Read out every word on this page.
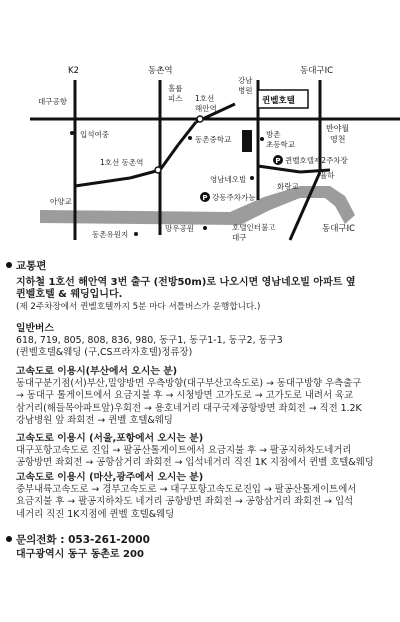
P
P
K2	동촌역	동대구IC
대구공항
홀룹 피스	1호선 해안역
강남 병원
퀸벨호텔
입석여중
동촌중학교
방촌 초등학교
반야월 영천
1호선 동촌역	퀸벨호텔제2주차장
영남네오빌
화랑교
율하
아양교	강동주차가능
동촌유원지
망우공원	호텔인터불고 대구
동대구IC
교통편
지하철 1호선 해안역 3번 출구 (전방50m)로 나오시면 영남네오빌 아파트 옆
퀸벨호텔 & 웨딩입니다.
(제 2주차장에서 퀸벨호텔까지 5분 마다 셔틀버스가 운행합니다.)
일반버스
618, 719, 805, 808, 836, 980, 동구1, 동구1-1, 동구2, 동구3
(퀸벨호텔&웨딩 (구,CS프라자호텔)정류장)
고속도로 이용시(부산에서 오시는 분)
동대구분기점(서)부산,밀양방면 우측방향(대구부산고속도로) → 동대구방향 우측출구
→ 동대구 톨게이트에서 요금지불 후 → 시청방면 고가도로 → 고가도로 내려서 육교
삼거리(해들목아파트앞)우회전 → 용호네거리 대구국제공항방면 좌회전 → 직전 1.2K
강남병원 앞 좌회전 → 퀸벨 호텔&웨딩
고속도로 이용시 (서울,포항에서 오시는 분)
대구포항고속도로 진입 → 팔공산톨게이트에서 요금지불 후 → 팔공지하차도네거리
공항방면 좌회전 → 공항삼거리 좌회전 → 입석네거리 직진 1K 지점에서 퀸벨 호텔&웨딩
고속도로 이용시 (마산,광주에서 오시는 분)
중부내륙고속도로 → 경부고속도로 → 대구포항고속도로진입 → 팔공산톨게이트에서
요금지불 후 → 팔공지하차도 네거리 공항방면 좌회전 → 공항삼거리 좌회전 → 입석
네거리 직진 1K지점에 퀸벨 호텔&웨딩
문의전화 : 053-261-2000
대구광역시 동구 동촌로 200
